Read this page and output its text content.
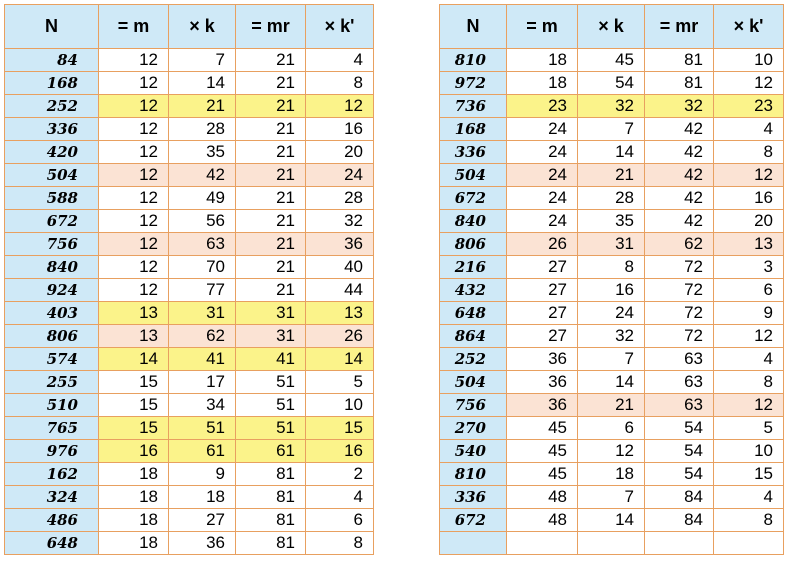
N	= m	× k	= mr	× k'
84	12	7	21	4
168	12	14	21	8
252	12	21	21	12
336	12	28	21	16
420	12	35	21	20
504	12	42	21	24
588	12	49	21	28
672	12	56	21	32
756	12	63	21	36
840	12	70	21	40
924	12	77	21	44
403	13	31	31	13
806	13	62	31	26
574	14	41	41	14
255	15	17	51	5
510	15	34	51	10
765	15	51	51	15
976	16	61	61	16
162	18	9	81	2
324	18	18	81	4
486	18	27	81	6
648	18	36	81	8
N	= m	× k	= mr	× k'
810	18	45	81	10
972	18	54	81	12
736	23	32	32	23
168	24	7	42	4
336	24	14	42	8
504	24	21	42	12
672	24	28	42	16
840	24	35	42	20
806	26	31	62	13
216	27	8	72	3
432	27	16	72	6
648	27	24	72	9
864	27	32	72	12
252	36	7	63	4
504	36	14	63	8
756	36	21	63	12
270	45	6	54	5
540	45	12	54	10
810	45	18	54	15
336	48	7	84	4
672	48	14	84	8
